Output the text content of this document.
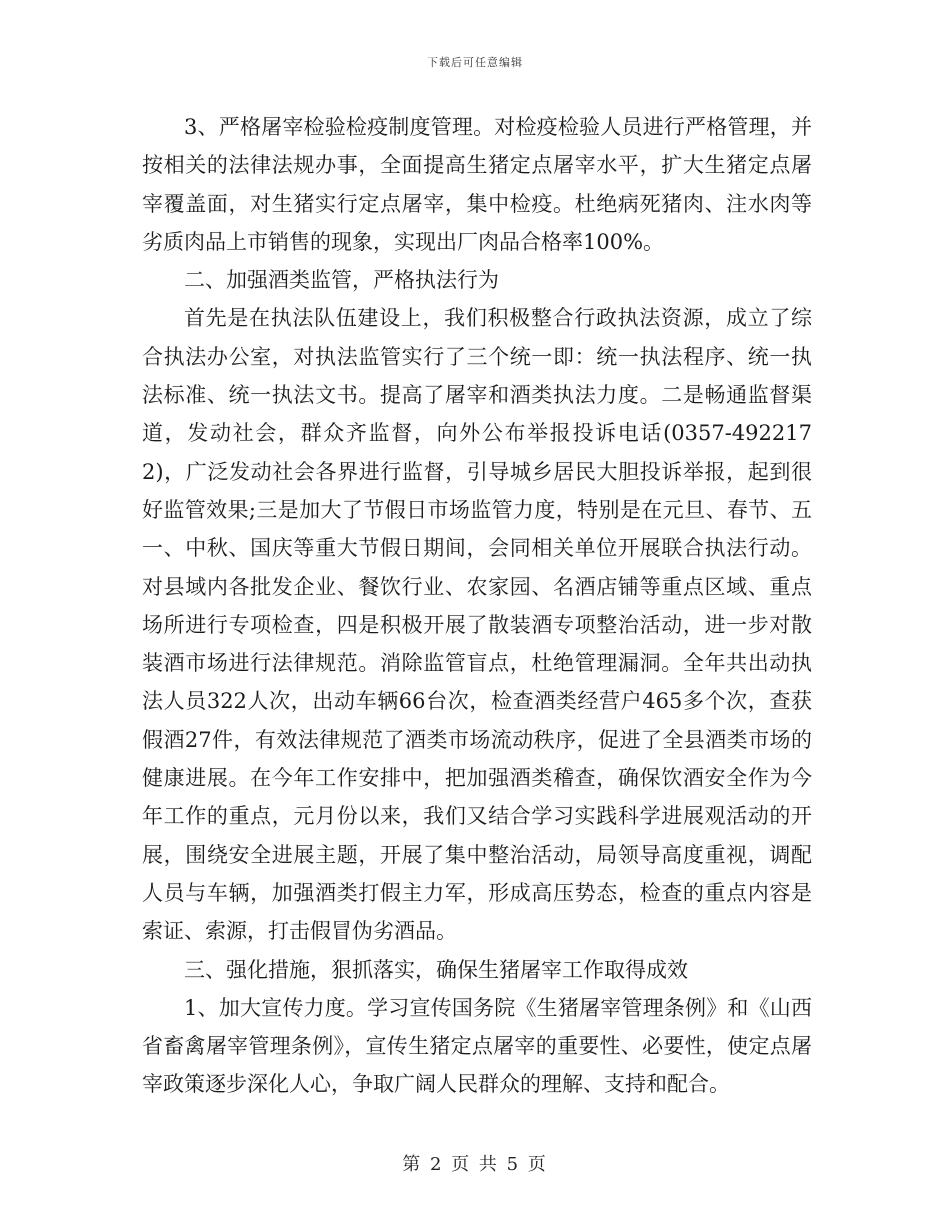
下载后可任意编辑

3、严格屠宰检验检疫制度管理。对检疫检验人员进行严格管理，并按相关的法律法规办事，全面提高生猪定点屠宰水平，扩大生猪定点屠宰覆盖面，对生猪实行定点屠宰，集中检疫。杜绝病死猪肉、注水肉等劣质肉品上市销售的现象，实现出厂肉品合格率100%。

二、加强酒类监管，严格执法行为

首先是在执法队伍建设上，我们积极整合行政执法资源，成立了综合执法办公室，对执法监管实行了三个统一即：统一执法程序、统一执法标准、统一执法文书。提高了屠宰和酒类执法力度。二是畅通监督渠道，发动社会，群众齐监督，向外公布举报投诉电话(0357-4922172)，广泛发动社会各界进行监督，引导城乡居民大胆投诉举报，起到很好监管效果;三是加大了节假日市场监管力度，特别是在元旦、春节、五一、中秋、国庆等重大节假日期间，会同相关单位开展联合执法行动。对县域内各批发企业、餐饮行业、农家园、名酒店铺等重点区域、重点场所进行专项检查，四是积极开展了散装酒专项整治活动，进一步对散装酒市场进行法律规范。消除监管盲点，杜绝管理漏洞。全年共出动执法人员322人次，出动车辆66台次，检查酒类经营户465多个次，查获假酒27件，有效法律规范了酒类市场流动秩序，促进了全县酒类市场的健康进展。在今年工作安排中，把加强酒类稽查，确保饮酒安全作为今年工作的重点，元月份以来，我们又结合学习实践科学进展观活动的开展，围绕安全进展主题，开展了集中整治活动，局领导高度重视，调配人员与车辆，加强酒类打假主力军，形成高压势态，检查的重点内容是索证、索源，打击假冒伪劣酒品。

三、强化措施，狠抓落实，确保生猪屠宰工作取得成效

1、加大宣传力度。学习宣传国务院《生猪屠宰管理条例》和《山西省畜禽屠宰管理条例》，宣传生猪定点屠宰的重要性、必要性，使定点屠宰政策逐步深化人心，争取广阔人民群众的理解、支持和配合。

第 2 页 共 5 页
